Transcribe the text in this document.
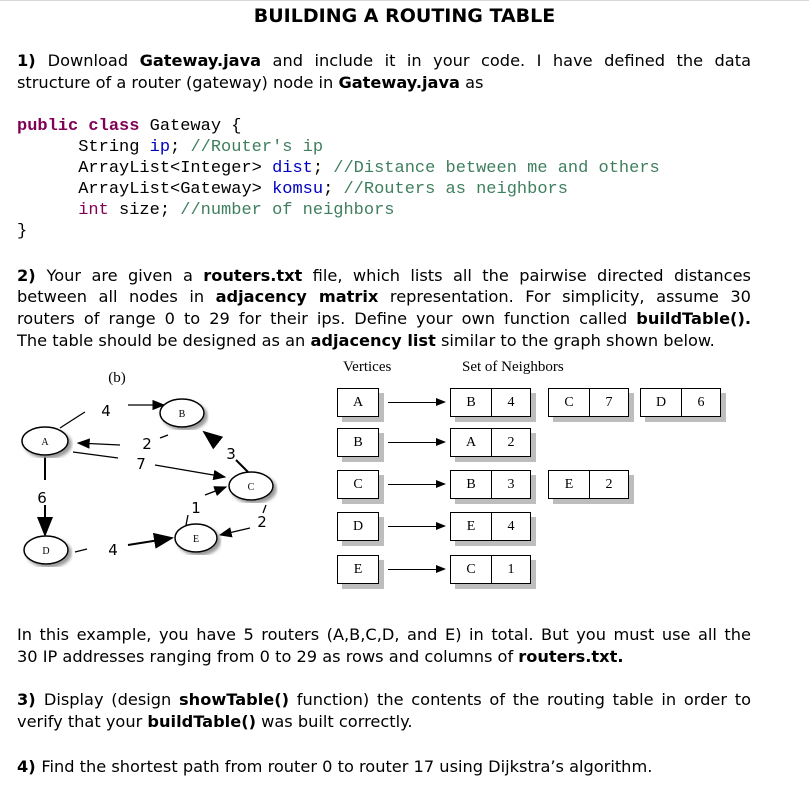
BUILDING A ROUTING TABLE
1) Download Gateway.java and include it in your code. I have defined the data
structure of a router (gateway) node in Gateway.java as
public class Gateway {
String ip; //Router's ip
ArrayList<Integer> dist; //Distance between me and others
ArrayList<Gateway> komsu; //Routers as neighbors
int size; //number of neighbors
}
2) Your are given a routers.txt file, which lists all the pairwise directed distances
between all nodes in adjacency matrix representation. For simplicity, assume 30
routers of range 0 to 29 for their ips. Define your own function called buildTable().
The table should be designed as an adjacency list similar to the graph shown below.
A
B
C
D
E
(b)
4
2
7
3
6
1
2
4
Vertices	Set of Neighbors
A	B	4	C	7	D	6
B	A	2
C	B	3	E	2
D	E	4
E	C	1
In this example, you have 5 routers (A,B,C,D, and E) in total. But you must use all the
30 IP addresses ranging from 0 to 29 as rows and columns of routers.txt.
3) Display (design showTable() function) the contents of the routing table in order to
verify that your buildTable() was built correctly.
4) Find the shortest path from router 0 to router 17 using Dijkstra’s algorithm.
